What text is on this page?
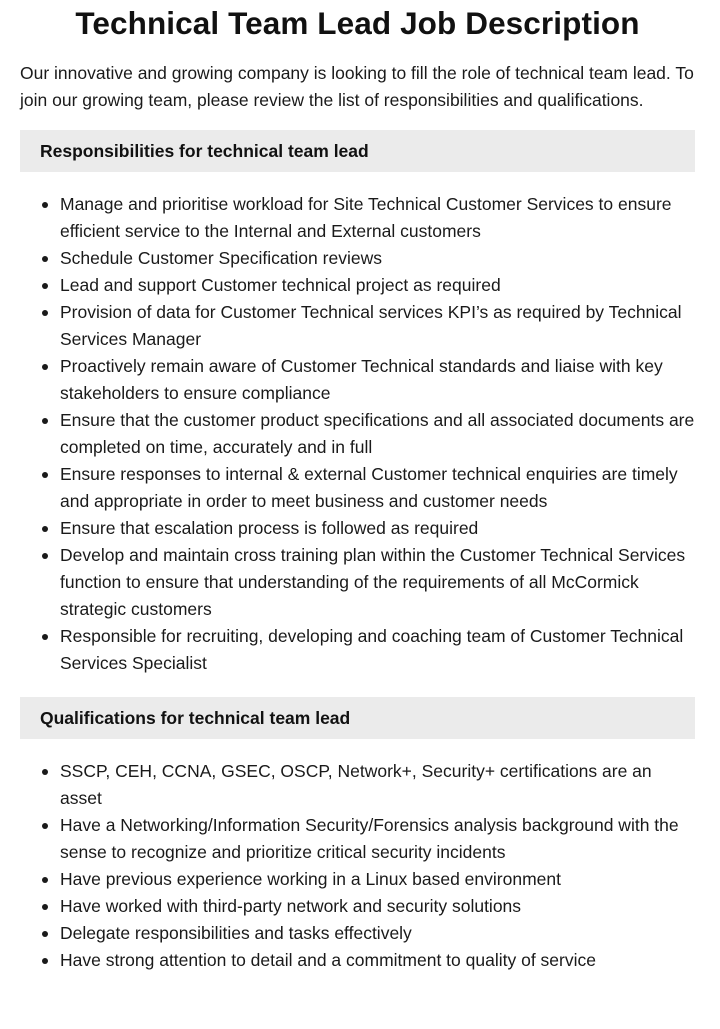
Technical Team Lead Job Description

Our innovative and growing company is looking to fill the role of technical team lead. To join our growing team, please review the list of responsibilities and qualifications.

Responsibilities for technical team lead
Manage and prioritise workload for Site Technical Customer Services to ensure efficient service to the Internal and External customers
Schedule Customer Specification reviews
Lead and support Customer technical project as required
Provision of data for Customer Technical services KPI’s as required by Technical Services Manager
Proactively remain aware of Customer Technical standards and liaise with key stakeholders to ensure compliance
Ensure that the customer product specifications and all associated documents are completed on time, accurately and in full
Ensure responses to internal & external Customer technical enquiries are timely and appropriate in order to meet business and customer needs
Ensure that escalation process is followed as required
Develop and maintain cross training plan within the Customer Technical Services function to ensure that understanding of the requirements of all McCormick strategic customers
Responsible for recruiting, developing and coaching team of Customer Technical Services Specialist
Qualifications for technical team lead
SSCP, CEH, CCNA, GSEC, OSCP, Network+, Security+ certifications are an asset
Have a Networking/Information Security/Forensics analysis background with the sense to recognize and prioritize critical security incidents
Have previous experience working in a Linux based environment
Have worked with third-party network and security solutions
Delegate responsibilities and tasks effectively
Have strong attention to detail and a commitment to quality of service
